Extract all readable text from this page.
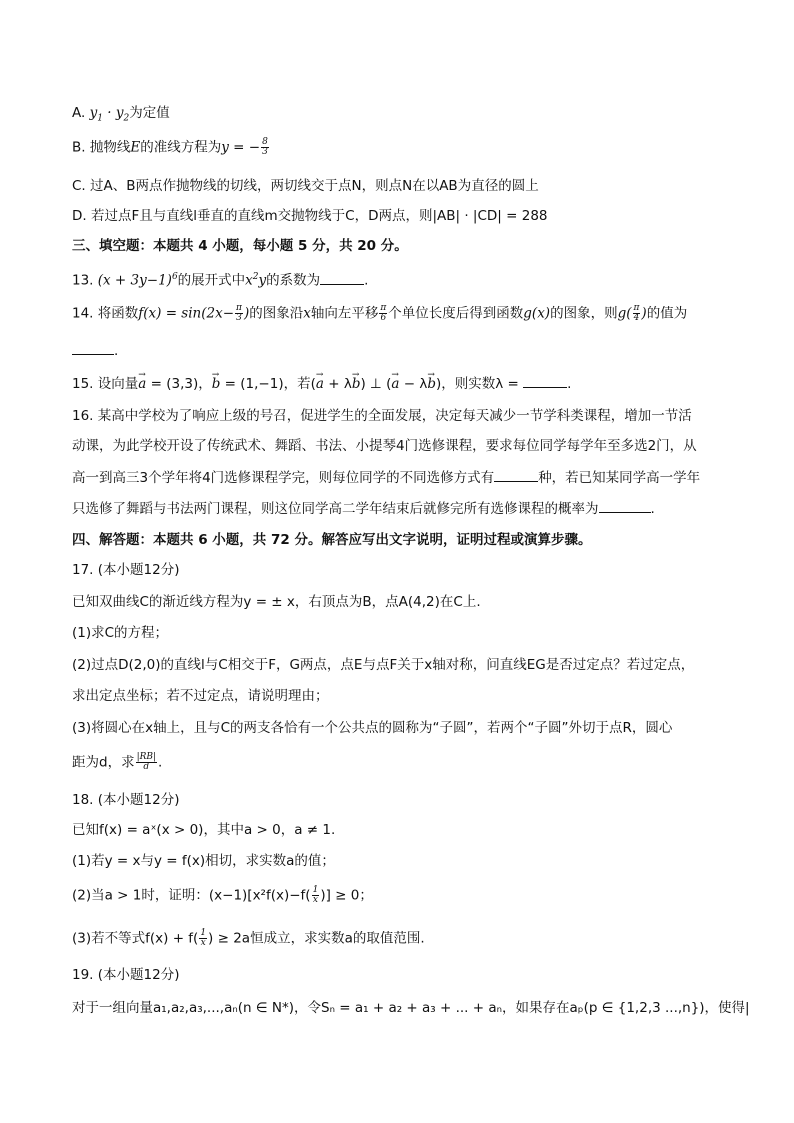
A. $y_1 \cdot y_2$为定值
B. 抛物线E的准线方程为y = − $\frac{8}{3}$
C. 过A、B两点作抛物线的切线，两切线交于点N，则点N在以AB为直径的圆上
D. 若过点F且与直线l垂直的直线m交抛物线于C，D两点，则|AB| · |CD| = 288
三、填空题：本题共 4 小题，每小题 5 分，共 20 分。
13. $(x + 3y-1)^6$的展开式中$x^2y$的系数为	.
14. 将函数$f(x) = \sin(2x- \frac{\pi}{3}$ )的图象沿x轴向左平移 $\frac{\pi}{6}$ 个单位长度后得到函数g(x)的图象，则$g( \frac{\pi}{4}$ )的值为
.
15. 设向量→ a = (3,3)，→ b = (1,−1)，若(→ a + λ→ b) ⊥ (→ a − λ→ b)，则实数λ =	.
16. 某高中学校为了响应上级的号召，促进学生的全面发展，决定每天减少一节学科类课程，增加一节活
动课，为此学校开设了传统武术、舞蹈、书法、小提琴4门选修课程，要求每位同学每学年至多选2门，从
高一到高三3个学年将4门选修课程学完，则每位同学的不同选修方式有	种，若已知某同学高一学年
只选修了舞蹈与书法两门课程，则这位同学高二学年结束后就修完所有选修课程的概率为	.
四、解答题：本题共 6 小题，共 72 分。解答应写出文字说明，证明过程或演算步骤。
17. (本小题12分)
已知双曲线C的渐近线方程为y = ± x，右顶点为B，点A(4,2)在C上.
(1)求C的方程；
(2)过点D(2,0)的直线l与C相交于F，G两点，点E与点F关于x轴对称，问直线EG是否过定点？若过定点，
求出定点坐标；若不过定点，请说明理由；
(3)将圆心在x轴上，且与C的两支各恰有一个公共点的圆称为“子圆”，若两个“子圆”外切于点R，圆心
距为d，求 $\frac{|RB|}{d}$ .
18. (本小题12分)
已知f(x) = aˣ(x > 0)，其中a > 0，a ≠ 1.
(1)若y = x与y = f(x)相切，求实数a的值；
(2)当a > 1时，证明：$(x-1)[x^2f(x)-f( \frac{1}{x}$ )] ≥ 0；
(3)若不等式$f(x) + f( \frac{1}{x}$ ) ≥ 2a恒成立，求实数a的取值范围.
19. (本小题12分)
对于一组向量a₁,a₂,a₃,...,aₙ(n ∈ N*)，令Sₙ = a₁ + a₂ + a₃ + ... + aₙ，如果存在aₚ(p ∈ {1,2,3 ...,n})，使得|
